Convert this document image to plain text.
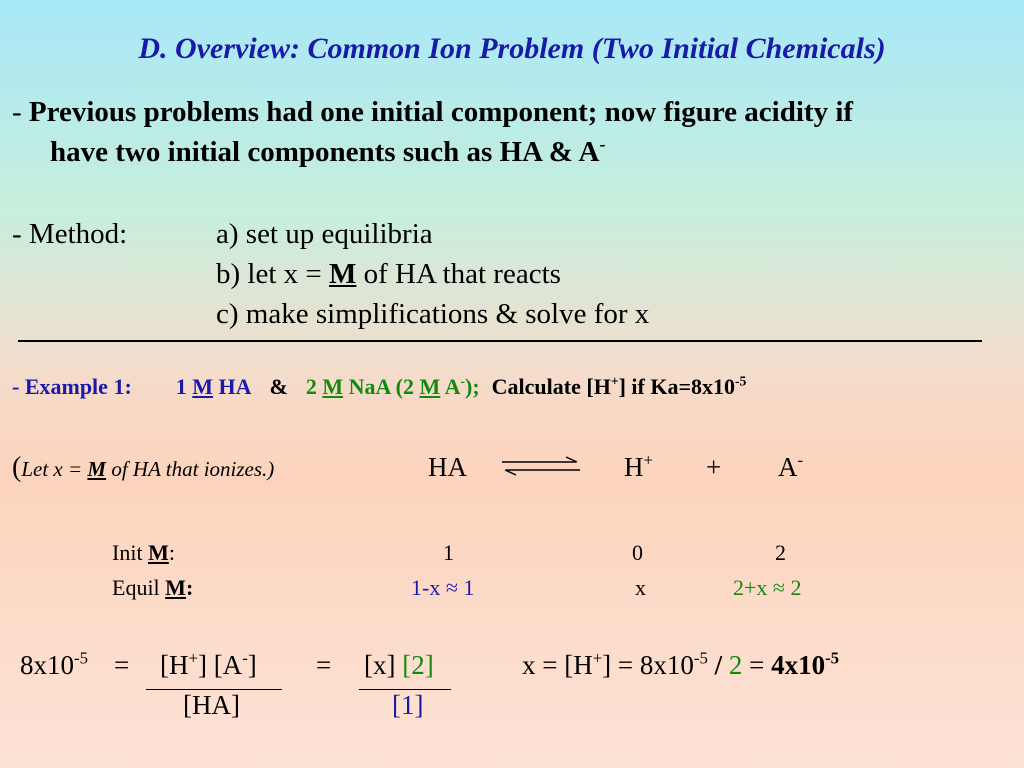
D. Overview: Common Ion Problem (Two Initial Chemicals)
- Previous problems had one initial component; now figure acidity if
have two initial components such as HA & A-
- Method:	a) set up equilibria
b) let x = M of HA that reacts
c) make simplifications & solve for x
- Example 1: 1 M HA & 2 M NaA (2 M A-); Calculate [H+] if $Ka=8x10^{-5}$
(Let x = M of HA that ionizes.)	HA	H+ + A-
Init M:	1	0	2
Equil M:	1-x ≈ 1	x	2+x ≈ 2
$8x10^{-5} = [H^+]$ [A-]
[HA]
= [x] [2]
[1]
$x = [H^+] = 8x10^{-5} / 2 = 4x10^{-5}$
